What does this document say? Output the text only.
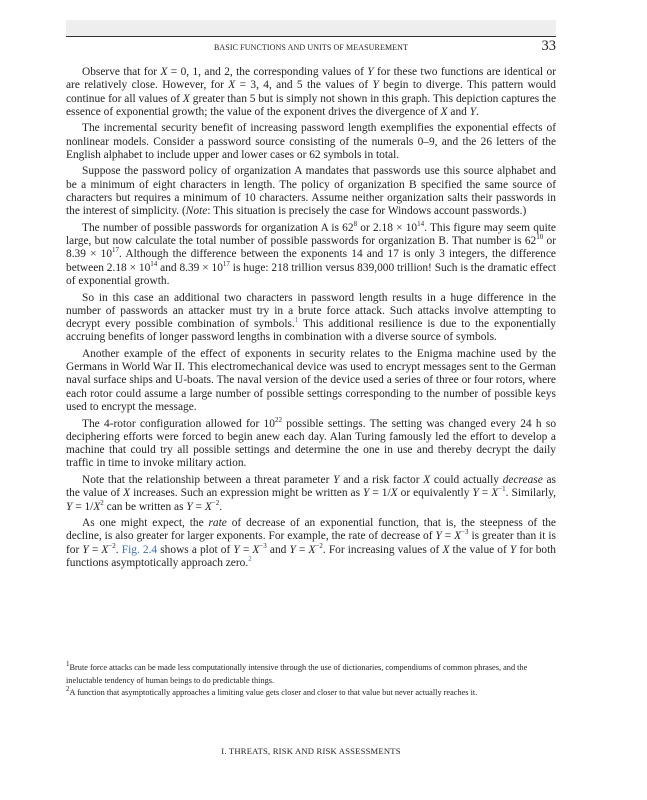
BASIC FUNCTIONS AND UNITS OF MEASUREMENT	33

Observe that for X = 0, 1, and 2, the corresponding values of Y for these two functions are identical or are relatively close. However, for X = 3, 4, and 5 the values of Y begin to diverge. This pattern would continue for all values of X greater than 5 but is simply not shown in this graph. This depiction captures the essence of exponential growth; the value of the exponent drives the divergence of X and Y.

The incremental security benefit of increasing password length exemplifies the exponential effects of nonlinear models. Consider a password source consisting of the numerals 0–9, and the 26 letters of the English alphabet to include upper and lower cases or 62 symbols in total.

Suppose the password policy of organization A mandates that passwords use this source alphabet and be a minimum of eight characters in length. The policy of organization B specified the same source of characters but requires a minimum of 10 characters. Assume neither organization salts their passwords in the interest of simplicity. (Note: This situation is precisely the case for Windows account passwords.)

The number of possible passwords for organization A is $62^8$ or $2.18 \times 10^{14}$. This figure may seem quite large, but now calculate the total number of possible passwords for organization B. That number is $62^{10}$ or $8.39 \times 10^{17}$. Although the difference between the exponents 14 and 17 is only 3 integers, the difference between $2.18 \times 10^{14}$ and $8.39 \times 10^{17}$ is huge: 218 trillion versus 839,000 trillion! Such is the dramatic effect of exponential growth.

So in this case an additional two characters in password length results in a huge difference in the number of passwords an attacker must try in a brute force attack. Such attacks involve attempting to decrypt every possible combination of symbols.$^1$ This additional resilience is due to the exponentially accruing benefits of longer password lengths in combination with a diverse source of symbols.

Another example of the effect of exponents in security relates to the Enigma machine used by the Germans in World War II. This electromechanical device was used to encrypt messages sent to the German naval surface ships and U-boats. The naval version of the device used a series of three or four rotors, where each rotor could assume a large number of possible settings corresponding to the number of possible keys used to encrypt the message.

The 4-rotor configuration allowed for $10^{22}$ possible settings. The setting was changed every 24 h so deciphering efforts were forced to begin anew each day. Alan Turing famously led the effort to develop a machine that could try all possible settings and determine the one in use and thereby decrypt the daily traffic in time to invoke military action.

Note that the relationship between a threat parameter Y and a risk factor X could actually decrease as the value of X increases. Such an expression might be written as Y = 1/X or equivalently $Y = X^{-1}$. Similarly, $Y = 1/X^2$ can be written as $Y = X^{-2}$.

As one might expect, the rate of decrease of an exponential function, that is, the steepness of the decline, is also greater for larger exponents. For example, the rate of decrease of $Y = X^{-3}$ is greater than it is for $Y = X^{-2}$. Fig. 2.4 shows a plot of $Y = X^{-3}$ and $Y = X^{-2}$. For increasing values of X the value of Y for both functions asymptotically approach zero.$^2$

$^1$Brute force attacks can be made less computationally intensive through the use of dictionaries, compendiums of common phrases, and the ineluctable tendency of human beings to do predictable things.

$^2$A function that asymptotically approaches a limiting value gets closer and closer to that value but never actually reaches it.

I. THREATS, RISK AND RISK ASSESSMENTS
